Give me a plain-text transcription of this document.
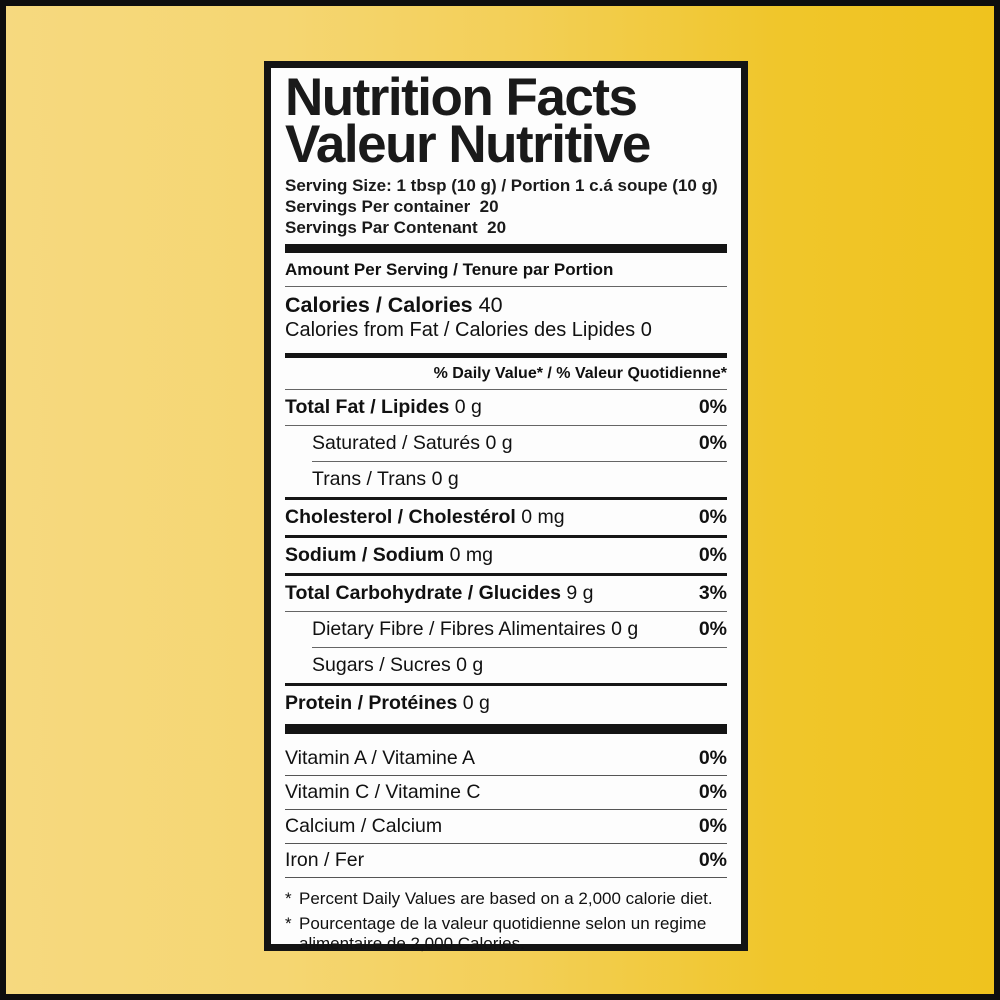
Nutrition Facts
Valeur Nutritive
Serving Size: 1 tbsp (10 g) / Portion 1 c.á soupe (10 g)
Servings Per container  20
Servings Par Contenant  20
Amount Per Serving / Tenure par Portion
Calories / Calories 40
Calories from Fat / Calories des Lipides 0
% Daily Value* / % Valeur Quotidienne*
Total Fat / Lipides 0 g	0%
Saturated / Saturés 0 g	0%
Trans / Trans 0 g
Cholesterol / Cholestérol 0 mg	0%
Sodium / Sodium 0 mg	0%
Total Carbohydrate / Glucides 9 g	3%
Dietary Fibre / Fibres Alimentaires 0 g	0%
Sugars / Sucres 0 g
Protein / Protéines 0 g
Vitamin A / Vitamine A	0%
Vitamin C / Vitamine C	0%
Calcium / Calcium	0%
Iron / Fer	0%
* Percent Daily Values are based on a 2,000 calorie diet.
* Pourcentage de la valeur quotidienne selon un regime alimentaire de 2,000 Calories.
